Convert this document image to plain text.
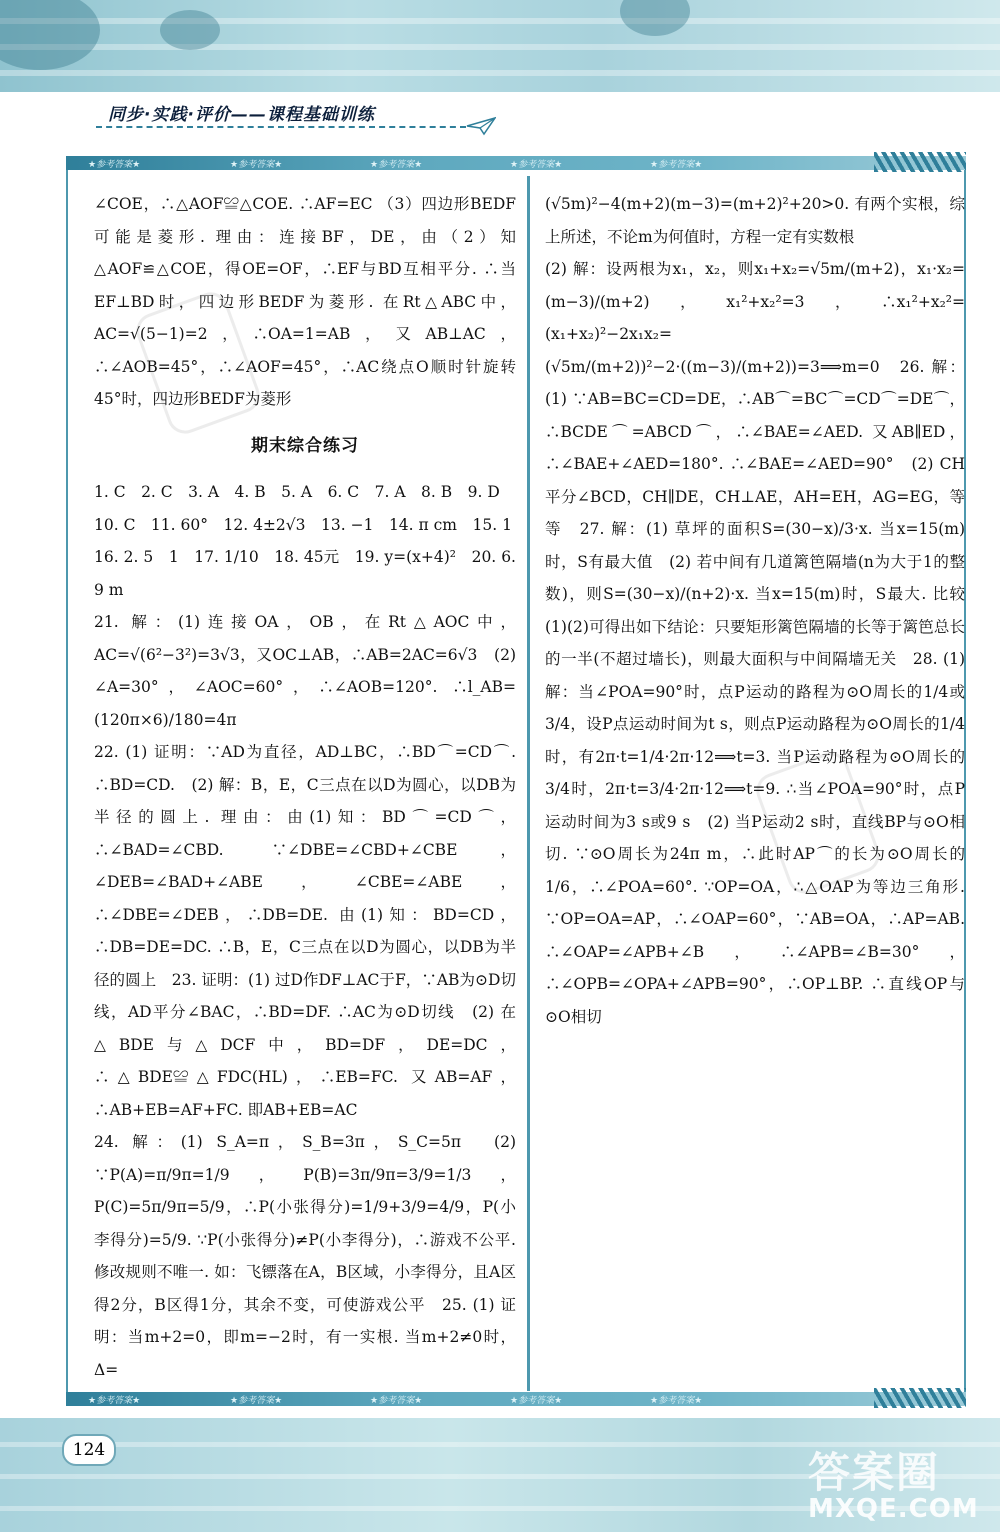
同步·实践·评价——课程基础训练
★参考答案★	★参考答案★	★参考答案★	★参考答案★	★参考答案★

∠COE，∴△AOF≌△COE. ∴AF=EC （3）四边形BEDF可能是菱形. 理由：连接BF，DE，由（2）知△AOF≌△COE，得OE=OF，∴EF与BD互相平分. ∴当EF⊥BD时，四边形BEDF为菱形. 在Rt△ABC中，AC=√(5−1)=2，∴OA=1=AB，又AB⊥AC，∴∠AOB=45°，∴∠AOF=45°，∴AC绕点O顺时针旋转45°时，四边形BEDF为菱形

期末综合练习

1. C　2. C　3. A　4. B　5. A　6. C　7. A　8. B　9. D

10. C　11. 60°　12. 4±2√3　13. −1　14. π cm　15. 1

16. 2. 5　1　17. 1/10　18. 45元　19. y=(x+4)²　20. 6. 9 m

21. 解：(1)连接OA，OB，在Rt△AOC中，AC=√(6²−3²)=3√3，又OC⊥AB，∴AB=2AC=6√3　(2) ∠A=30°，∠AOC=60°，∴∠AOB=120°. ∴l_AB=(120π×6)/180=4π

22. (1) 证明：∵AD为直径，AD⊥BC，∴BD⌒=CD⌒. ∴BD=CD.　(2) 解：B，E，C三点在以D为圆心，以DB为半径的圆上. 理由：由(1)知：BD⌒=CD⌒，∴∠BAD=∠CBD. ∵∠DBE=∠CBD+∠CBE，∠DEB=∠BAD+∠ABE，∠CBE=∠ABE，∴∠DBE=∠DEB，∴DB=DE. 由(1)知：BD=CD，∴DB=DE=DC. ∴B，E，C三点在以D为圆心，以DB为半径的圆上　23. 证明：(1) 过D作DF⊥AC于F，∵AB为⊙D切线，AD平分∠BAC，∴BD=DF. ∴AC为⊙D切线　(2) 在△BDE与△DCF中，BD=DF，DE=DC，∴△BDE≌△FDC(HL)，∴EB=FC. 又AB=AF，∴AB+EB=AF+FC. 即AB+EB=AC

24. 解：(1) S_A=π，S_B=3π，S_C=5π　(2) ∵P(A)=π/9π=1/9，P(B)=3π/9π=3/9=1/3，P(C)=5π/9π=5/9，∴P(小张得分)=1/9+3/9=4/9，P(小李得分)=5/9. ∵P(小张得分)≠P(小李得分)，∴游戏不公平. 修改规则不唯一. 如：飞镖落在A，B区域，小李得分，且A区得2分，B区得1分，其余不变，可使游戏公平　25. (1) 证明：当m+2=0，即m=−2时，有一实根. 当m+2≠0时，Δ=

(√5m)²−4(m+2)(m−3)=(m+2)²+20>0. 有两个实根，综上所述，不论m为何值时，方程一定有实数根

(2) 解：设两根为x₁，x₂，则x₁+x₂=√5m/(m+2)，x₁·x₂=(m−3)/(m+2)，x₁²+x₂²=3，∴x₁²+x₂²=(x₁+x₂)²−2x₁x₂=(√5m/(m+2))²−2·((m−3)/(m+2))=3⟹m=0　26. 解：(1) ∵AB=BC=CD=DE，∴AB⌒=BC⌒=CD⌒=DE⌒，∴BCDE⌒=ABCD⌒，∴∠BAE=∠AED. 又AB∥ED，∴∠BAE+∠AED=180°. ∴∠BAE=∠AED=90°　(2) CH平分∠BCD，CH∥DE，CH⊥AE，AH=EH，AG=EG，等等　27. 解：(1) 草坪的面积S=(30−x)/3·x. 当x=15(m)时，S有最大值　(2) 若中间有几道篱笆隔墙(n为大于1的整数)，则S=(30−x)/(n+2)·x. 当x=15(m)时，S最大. 比较(1)(2)可得出如下结论：只要矩形篱笆隔墙的长等于篱笆总长的一半(不超过墙长)，则最大面积与中间隔墙无关　28. (1) 解：当∠POA=90°时，点P运动的路程为⊙O周长的1/4或3/4，设P点运动时间为t s，则点P运动路程为⊙O周长的1/4时，有2π·t=1/4·2π·12⟹t=3. 当P运动路程为⊙O周长的3/4时，2π·t=3/4·2π·12⟹t=9. ∴当∠POA=90°时，点P运动时间为3 s或9 s　(2) 当P运动2 s时，直线BP与⊙O相切. ∵⊙O周长为24π m，∴此时AP⌒的长为⊙O周长的1/6，∴∠POA=60°. ∵OP=OA，∴△OAP为等边三角形. ∵OP=OA=AP，∴∠OAP=60°，∵AB=OA，∴AP=AB. ∴∠OAP=∠APB+∠B，∴∠APB=∠B=30°，∴∠OPB=∠OPA+∠APB=90°，∴OP⊥BP. ∴直线OP与⊙O相切

★参考答案★	★参考答案★	★参考答案★	★参考答案★	★参考答案★
124	答案圈
MXQE.COM
